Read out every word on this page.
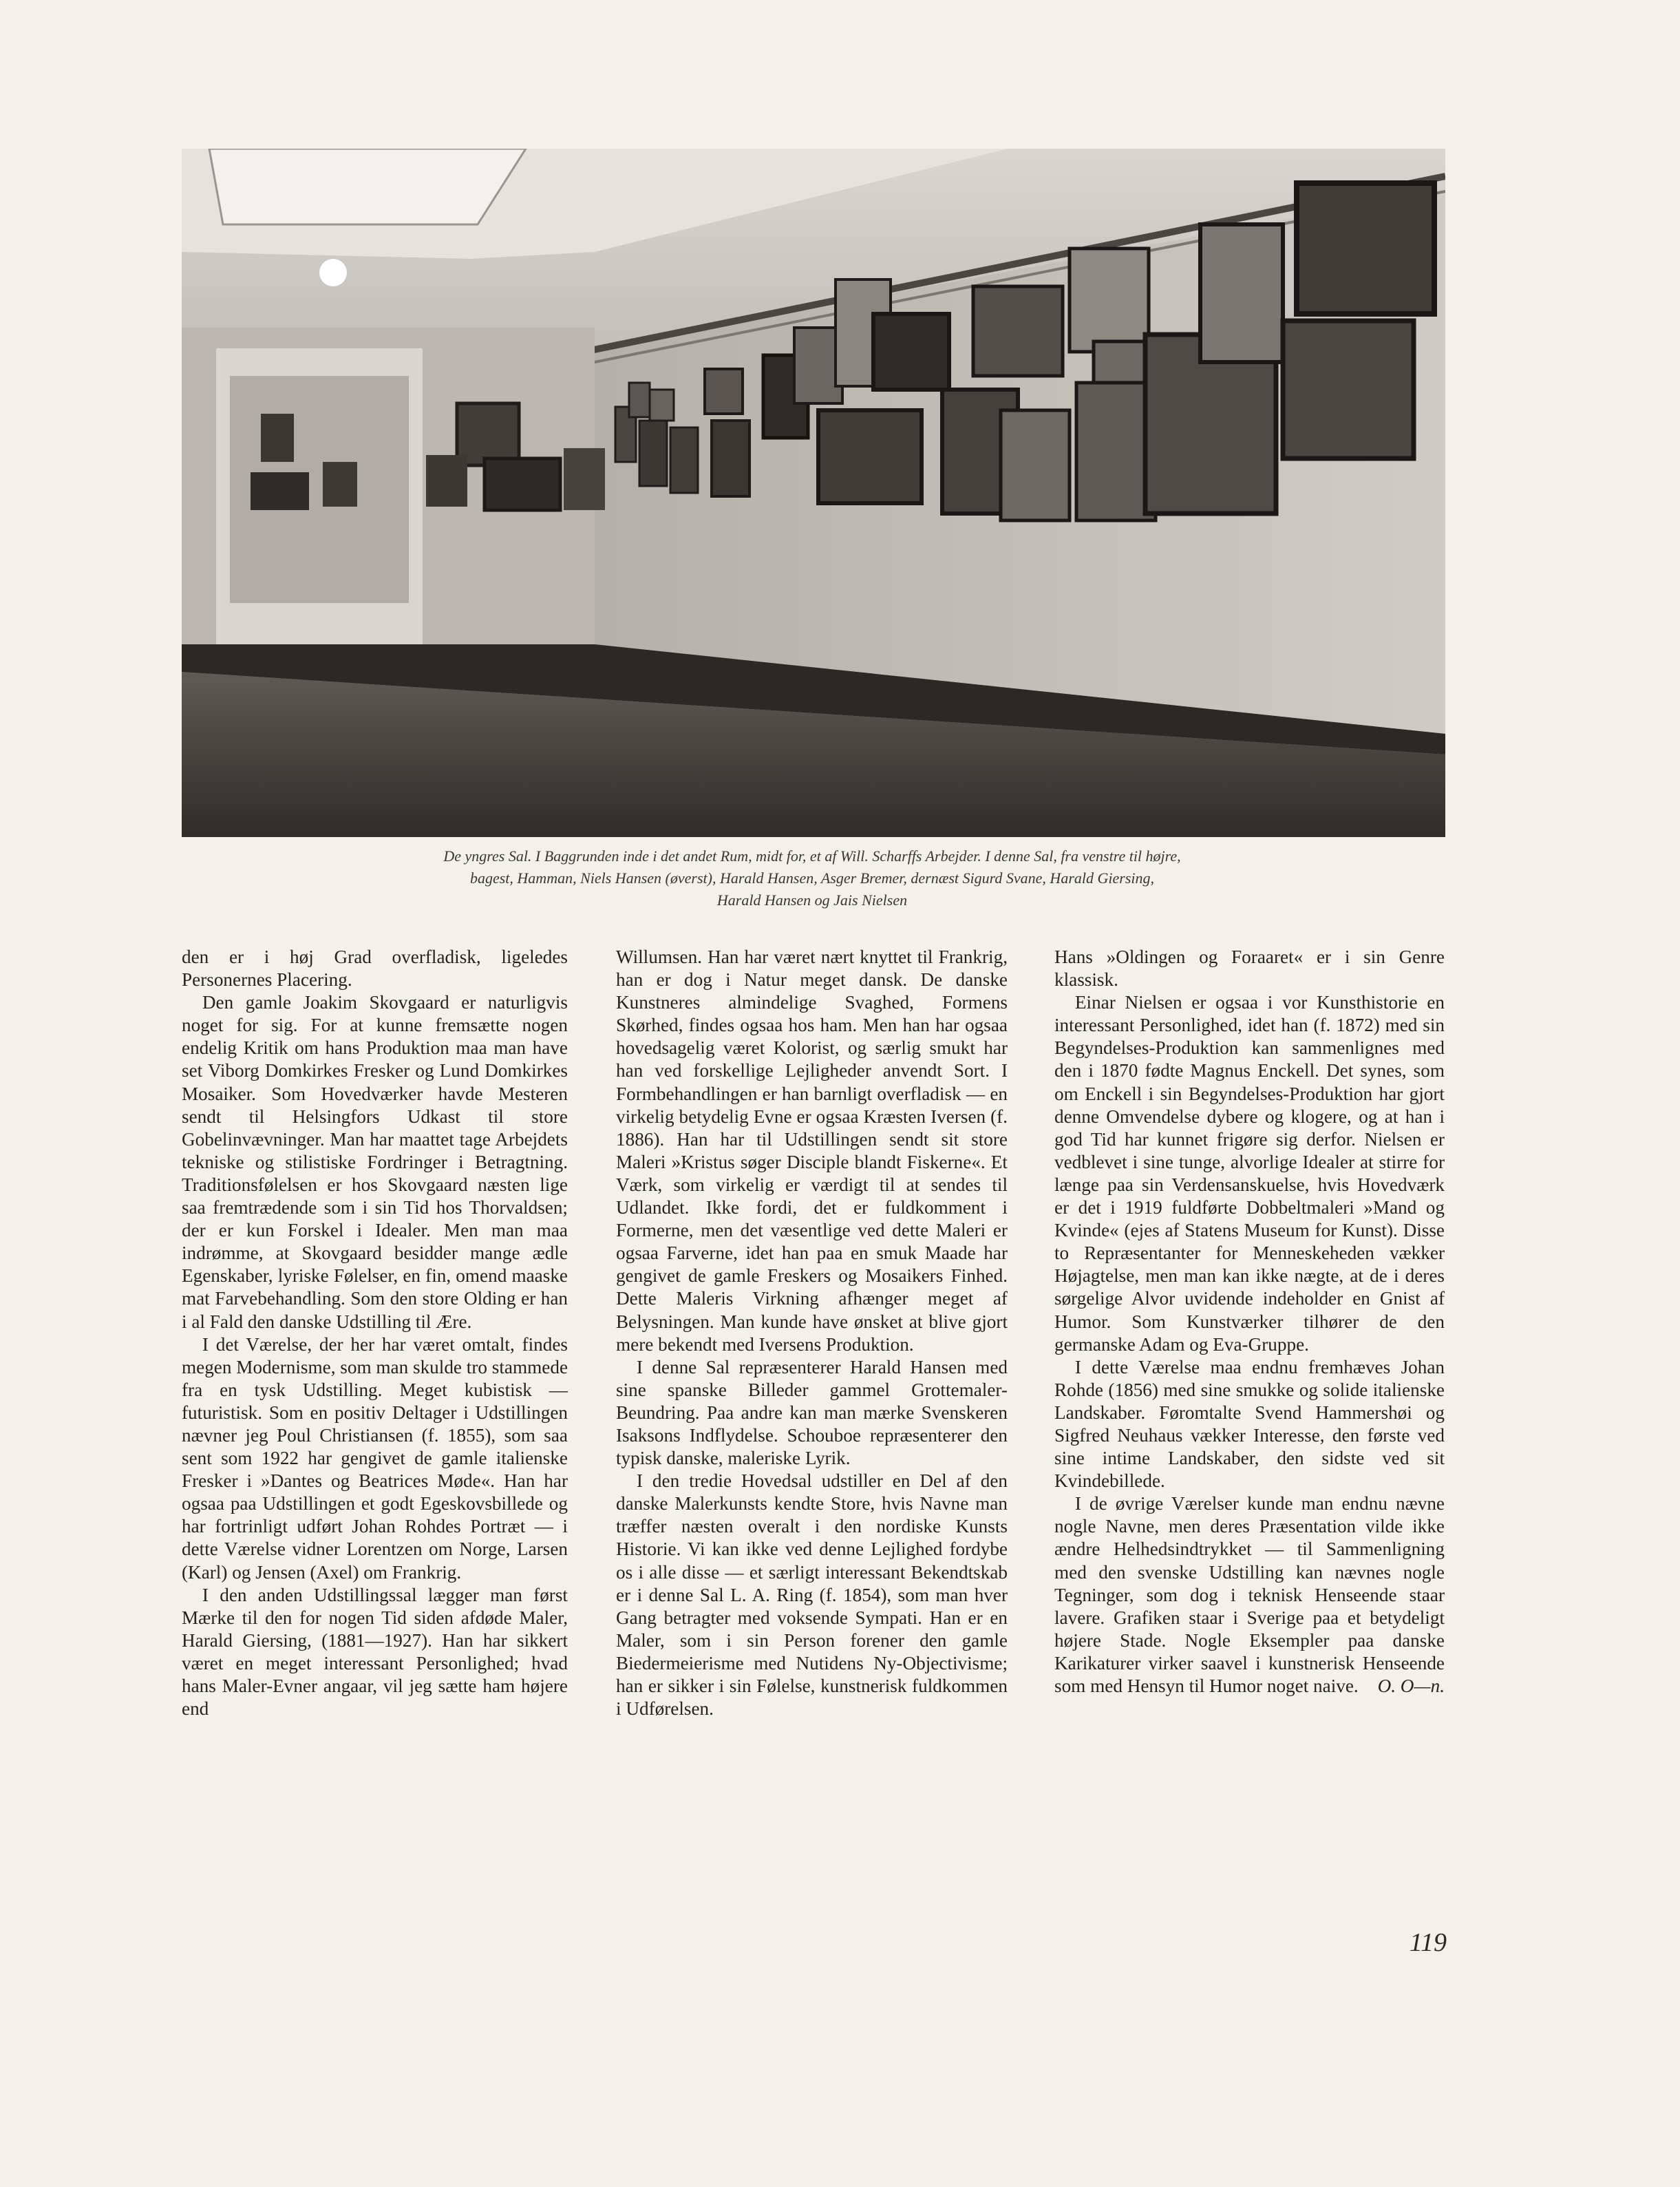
De yngres Sal. I Baggrunden inde i det andet Rum, midt for, et af Will. Scharffs Arbejder. I denne Sal, fra venstre til højre,
bagest, Hamman, Niels Hansen (øverst), Harald Hansen, Asger Bremer, dernæst Sigurd Svane, Harald Giersing,
Harald Hansen og Jais Nielsen

den er i høj Grad overfladisk, ligeledes Personernes Placering.

Den gamle Joakim Skovgaard er naturligvis noget for sig. For at kunne fremsætte nogen endelig Kritik om hans Produktion maa man have set Viborg Domkirkes Fresker og Lund Domkirkes Mosaiker. Som Hovedværker havde Mesteren sendt til Helsingfors Udkast til store Gobelinvævninger. Man har maattet tage Arbejdets tekniske og stilistiske Fordringer i Betragtning. Traditionsfølelsen er hos Skovgaard næsten lige saa fremtrædende som i sin Tid hos Thorvaldsen; der er kun Forskel i Idealer. Men man maa indrømme, at Skovgaard besidder mange ædle Egenskaber, lyriske Følelser, en fin, omend maaske mat Farvebehandling. Som den store Olding er han i al Fald den danske Udstilling til Ære.

I det Værelse, der her har været omtalt, findes megen Modernisme, som man skulde tro stammede fra en tysk Udstilling. Meget kubistisk — futuristisk. Som en positiv Deltager i Udstillingen nævner jeg Poul Christiansen (f. 1855), som saa sent som 1922 har gengivet de gamle italienske Fresker i »Dantes og Beatrices Møde«. Han har ogsaa paa Udstillingen et godt Egeskovsbillede og har fortrinligt udført Johan Rohdes Portræt — i dette Værelse vidner Lorentzen om Norge, Larsen (Karl) og Jensen (Axel) om Frankrig.

I den anden Udstillingssal lægger man først Mærke til den for nogen Tid siden afdøde Maler, Harald Giersing, (1881—1927). Han har sikkert været en meget interessant Personlighed; hvad hans Maler-Evner angaar, vil jeg sætte ham højere end

Willumsen. Han har været nært knyttet til Frankrig, han er dog i Natur meget dansk. De danske Kunstneres almindelige Svaghed, Formens Skørhed, findes ogsaa hos ham. Men han har ogsaa hovedsagelig været Kolorist, og særlig smukt har han ved forskellige Lejligheder anvendt Sort. I Formbehandlingen er han barnligt overfladisk — en virkelig betydelig Evne er ogsaa Kræsten Iversen (f. 1886). Han har til Udstillingen sendt sit store Maleri »Kristus søger Disciple blandt Fiskerne«. Et Værk, som virkelig er værdigt til at sendes til Udlandet. Ikke fordi, det er fuldkomment i Formerne, men det væsentlige ved dette Maleri er ogsaa Farverne, idet han paa en smuk Maade har gengivet de gamle Freskers og Mosaikers Finhed. Dette Maleris Virkning afhænger meget af Belysningen. Man kunde have ønsket at blive gjort mere bekendt med Iversens Produktion.

I denne Sal repræsenterer Harald Hansen med sine spanske Billeder gammel Grottemaler-Beundring. Paa andre kan man mærke Svenskeren Isaksons Indflydelse. Schouboe repræsenterer den typisk danske, maleriske Lyrik.

I den tredie Hovedsal udstiller en Del af den danske Malerkunsts kendte Store, hvis Navne man træffer næsten overalt i den nordiske Kunsts Historie. Vi kan ikke ved denne Lejlighed fordybe os i alle disse — et særligt interessant Bekendtskab er i denne Sal L. A. Ring (f. 1854), som man hver Gang betragter med voksende Sympati. Han er en Maler, som i sin Person forener den gamle Biedermeierisme med Nutidens Ny-Objectivisme; han er sikker i sin Følelse, kunstnerisk fuldkommen i Udførelsen.

Hans »Oldingen og Foraaret« er i sin Genre klassisk.

Einar Nielsen er ogsaa i vor Kunsthistorie en interessant Personlighed, idet han (f. 1872) med sin Begyndelses-Produktion kan sammenlignes med den i 1870 fødte Magnus Enckell. Det synes, som om Enckell i sin Begyndelses-Produktion har gjort denne Omvendelse dybere og klogere, og at han i god Tid har kunnet frigøre sig derfor. Nielsen er vedblevet i sine tunge, alvorlige Idealer at stirre for længe paa sin Verdensanskuelse, hvis Hovedværk er det i 1919 fuldførte Dobbeltmaleri »Mand og Kvinde« (ejes af Statens Museum for Kunst). Disse to Repræsentanter for Menneskeheden vækker Højagtelse, men man kan ikke nægte, at de i deres sørgelige Alvor uvidende indeholder en Gnist af Humor. Som Kunstværker tilhører de den germanske Adam og Eva-Gruppe.

I dette Værelse maa endnu fremhæves Johan Rohde (1856) med sine smukke og solide italienske Landskaber. Føromtalte Svend Hammershøi og Sigfred Neuhaus vækker Interesse, den første ved sine intime Landskaber, den sidste ved sit Kvindebillede.

I de øvrige Værelser kunde man endnu nævne nogle Navne, men deres Præsentation vilde ikke ændre Helhedsindtrykket — til Sammenligning med den svenske Udstilling kan nævnes nogle Tegninger, som dog i teknisk Henseende staar lavere. Grafiken staar i Sverige paa et betydeligt højere Stade. Nogle Eksempler paa danske Karikaturer virker saavel i kunstnerisk Henseende som med Hensyn til Humor noget naive.	O. O—n.

119
